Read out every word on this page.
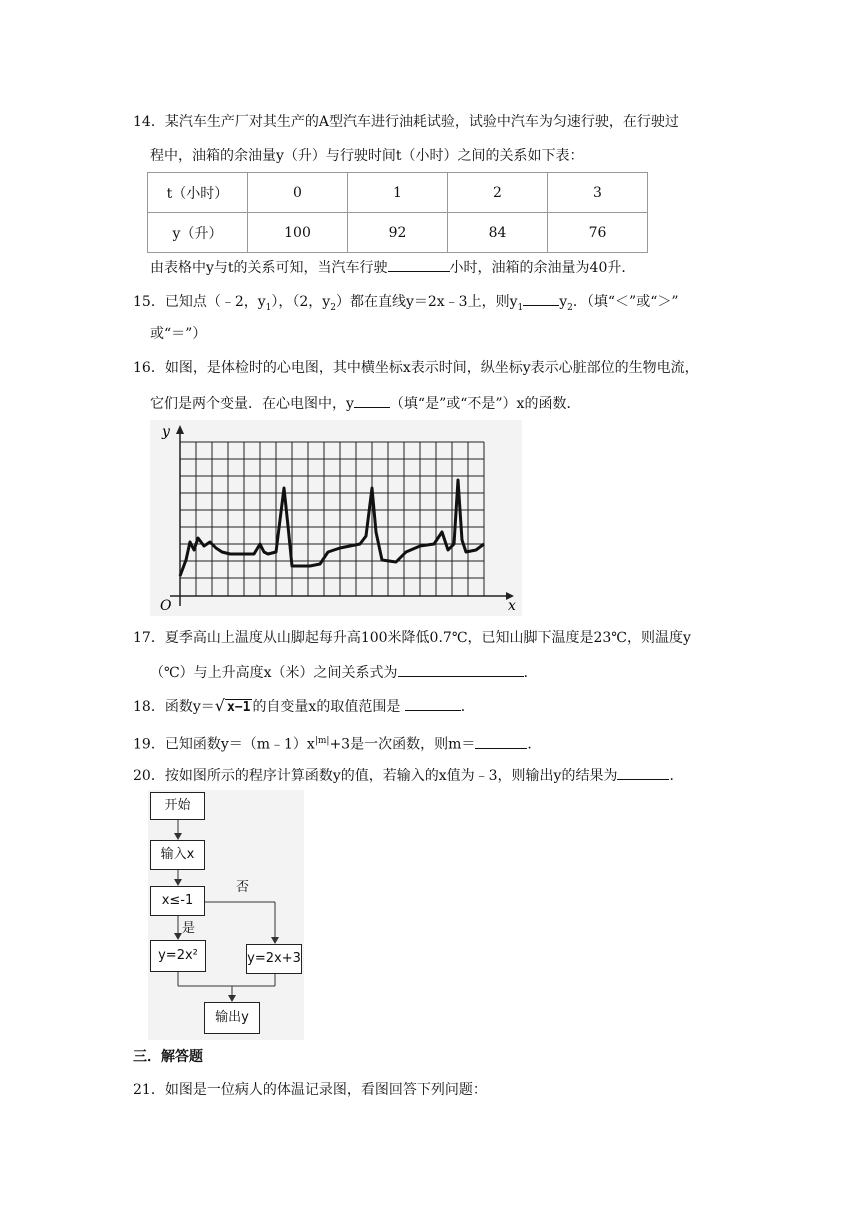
14．某汽车生产厂对其生产的A型汽车进行油耗试验，试验中汽车为匀速行驶，在行驶过
程中，油箱的余油量y（升）与行驶时间t（小时）之间的关系如下表：
t（小时）	0	1	2	3
y（升）	100	92	84	76
由表格中y与t的关系可知，当汽车行驶	小时，油箱的余油量为40升．
15．已知点（﹣2，$y_1$），（2，$y_2$）都在直线y＝2x﹣3上，则$y_1$	$y_2$．（填“＜”或“＞”
或“＝”）
16．如图，是体检时的心电图，其中横坐标x表示时间，纵坐标y表示心脏部位的生物电流，
它们是两个变量．在心电图中，y	（填“是”或“不是”）x的函数．
y
x
O
17．夏季高山上温度从山脚起每升高100米降低0.7℃，已知山脚下温度是23℃，则温度y
（℃）与上升高度x（米）之间关系式为	．
18．函数y＝√ x−1 的自变量x的取值范围是	．
19．已知函数$y=(m﹣1)x^{|m|}+3$是一次函数，则m＝	．
20．按如图所示的程序计算函数y的值，若输入的x值为﹣3，则输出y的结果为	．
开始
输入x
x≤-1
否
是
y=2x²	y=2x+3
输出y
三．解答题
21．如图是一位病人的体温记录图，看图回答下列问题：
